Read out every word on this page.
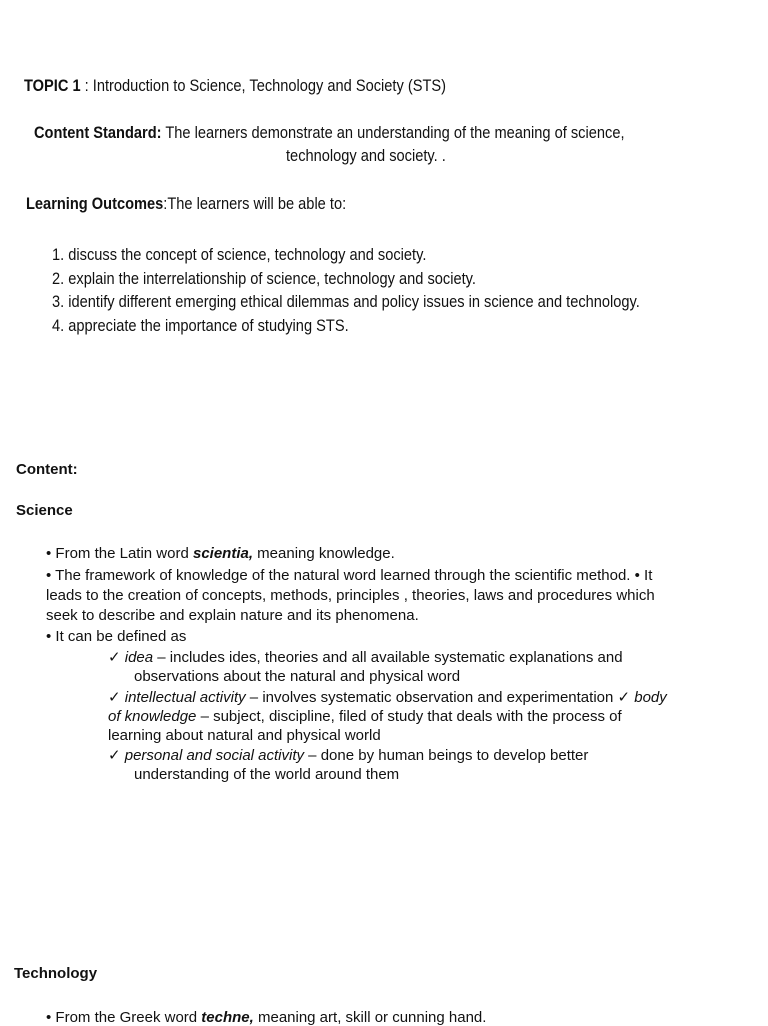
TOPIC 1 : Introduction to Science, Technology and Society (STS)
Content Standard: The learners demonstrate an understanding of the meaning of science,
technology and society. .
Learning Outcomes:The learners will be able to:
1. discuss the concept of science, technology and society.
2. explain the interrelationship of science, technology and society.
3. identify different emerging ethical dilemmas and policy issues in science and technology.
4. appreciate the importance of studying STS.
Content:
Science
• From the Latin word scientia, meaning knowledge.
• The framework of knowledge of the natural word learned through the scientific method. • It
leads to the creation of concepts, methods, principles , theories, laws and procedures which
seek to describe and explain nature and its phenomena.
• It can be defined as
✓ idea – includes ides, theories and all available systematic explanations and
observations about the natural and physical word
✓ intellectual activity – involves systematic observation and experimentation ✓ body
of knowledge – subject, discipline, filed of study that deals with the process of
learning about natural and physical world
✓ personal and social activity – done by human beings to develop better
understanding of the world around them
Technology
• From the Greek word techne, meaning art, skill or cunning hand.
